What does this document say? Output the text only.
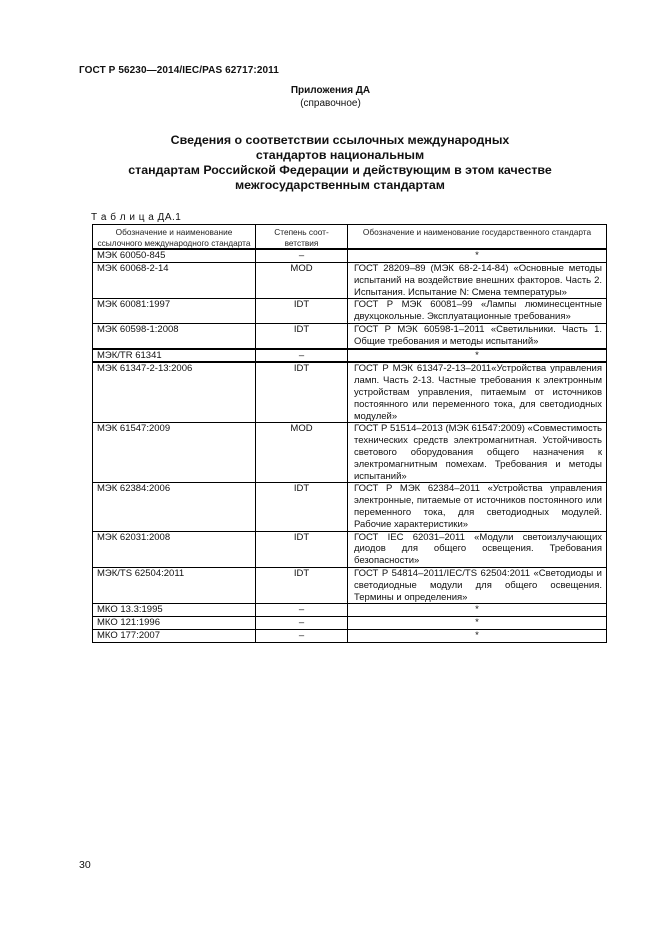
ГОСТ Р 56230—2014/IEC/PAS 62717:2011
Приложения ДА
(справочное)
Сведения о соответствии ссылочных международных
стандартов национальным
стандартам Российской Федерации и действующим в этом качестве
межгосударственным стандартам
Т а б л и ц а ДА.1
Обозначение и наименование ссылочного международного стандарта	Степень соот-ветствия	Обозначение и наименование государственного стандарта
МЭК 60050-845	–	*
МЭК 60068-2-14	MOD	ГОСТ 28209–89 (МЭК 68-2-14-84) «Основные методы испытаний на воздействие внешних факторов. Часть 2. Испытания. Испытание N: Смена температуры»
МЭК 60081:1997	IDT	ГОСТ Р МЭК 60081–99 «Лампы люминесцентные двухцокольные. Эксплуатационные требования»
МЭК 60598-1:2008	IDT	ГОСТ Р МЭК 60598-1–2011 «Светильники. Часть 1. Общие требования и методы испытаний»
МЭК/TR 61341	–	*
МЭК 61347-2-13:2006	IDT	ГОСТ Р МЭК 61347-2-13–2011«Устройства управления ламп. Часть 2-13. Частные требования к электронным устройствам управления, питаемым от источников постоянного или переменного тока, для светодиодных модулей»
МЭК 61547:2009	MOD	ГОСТ Р 51514–2013 (МЭК 61547:2009) «Совместимость технических средств электромагнитная. Устойчивость светового оборудования общего назначения к электромагнитным помехам. Требования и методы испытаний»
МЭК 62384:2006	IDT	ГОСТ Р МЭК 62384–2011 «Устройства управления электронные, питаемые от источников постоянного или переменного тока, для светодиодных модулей. Рабочие характеристики»
МЭК 62031:2008	IDT	ГОСТ IEC 62031–2011 «Модули светоизлучающих диодов для общего освещения. Требования безопасности»
МЭК/TS 62504:2011	IDT	ГОСТ Р 54814–2011/IEC/TS 62504:2011 «Светодиоды и светодиодные модули для общего освещения. Термины и определения»
МКО 13.3:1995	–	*
МКО 121:1996	–	*
МКО 177:2007	–	*
30
